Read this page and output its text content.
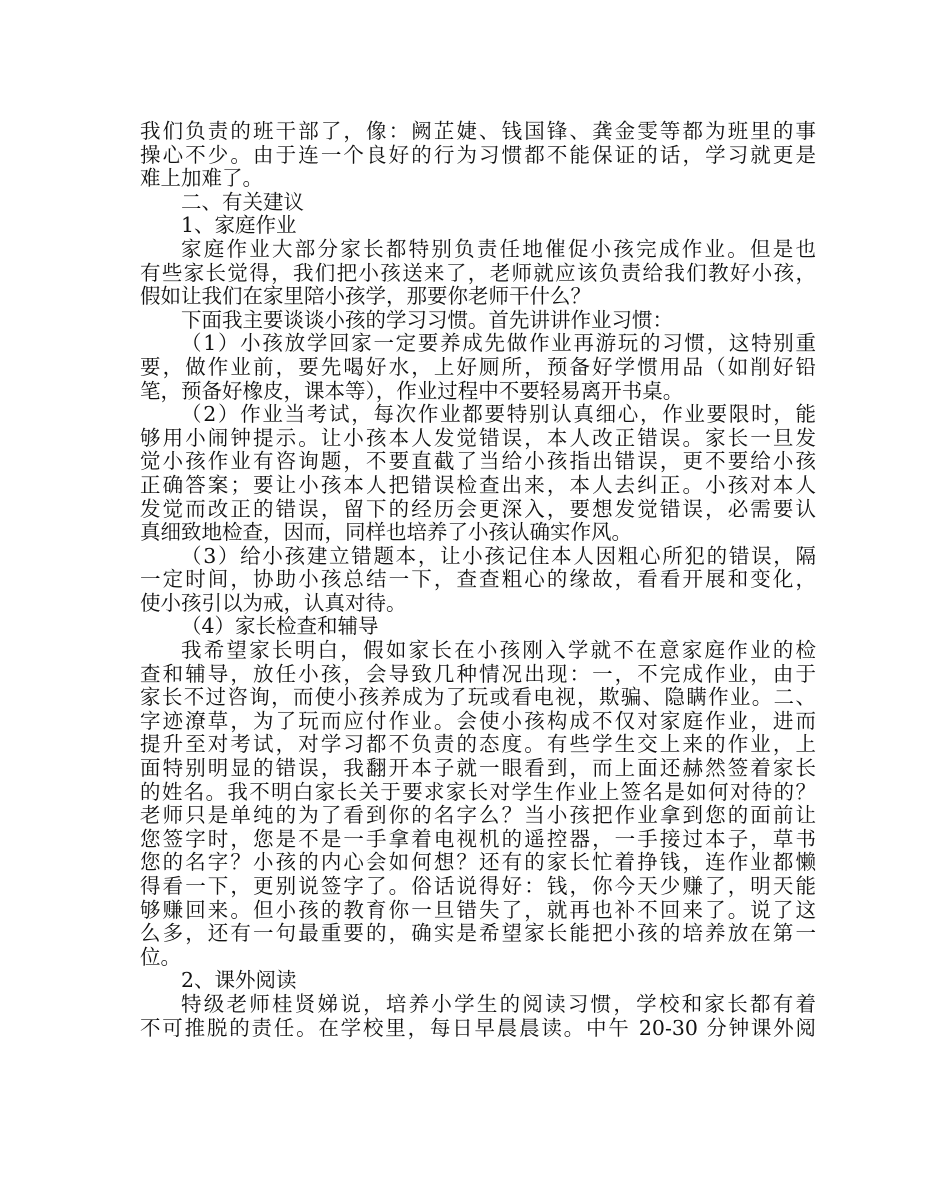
我们负责的班干部了，像：阙芷婕、钱国锋、龚金雯等都为班里的事
操心不少。由于连一个良好的行为习惯都不能保证的话，学习就更是
难上加难了。
二、有关建议
1、家庭作业
家庭作业大部分家长都特别负责任地催促小孩完成作业。但是也
有些家长觉得，我们把小孩送来了，老师就应该负责给我们教好小孩，
假如让我们在家里陪小孩学，那要你老师干什么？
下面我主要谈谈小孩的学习习惯。首先讲讲作业习惯：
（1）小孩放学回家一定要养成先做作业再游玩的习惯，这特别重
要，做作业前，要先喝好水，上好厕所，预备好学惯用品（如削好铅
笔，预备好橡皮，课本等），作业过程中不要轻易离开书桌。
（2）作业当考试，每次作业都要特别认真细心，作业要限时，能
够用小闹钟提示。让小孩本人发觉错误，本人改正错误。家长一旦发
觉小孩作业有咨询题，不要直截了当给小孩指出错误，更不要给小孩
正确答案；要让小孩本人把错误检查出来，本人去纠正。小孩对本人
发觉而改正的错误，留下的经历会更深入，要想发觉错误，必需要认
真细致地检查，因而，同样也培养了小孩认确实作风。
（3）给小孩建立错题本，让小孩记住本人因粗心所犯的错误，隔
一定时间，协助小孩总结一下，查查粗心的缘故，看看开展和变化，
使小孩引以为戒，认真对待。
（4）家长检查和辅导
我希望家长明白，假如家长在小孩刚入学就不在意家庭作业的检
查和辅导，放任小孩，会导致几种情况出现：一，不完成作业，由于
家长不过咨询，而使小孩养成为了玩或看电视，欺骗、隐瞒作业。二、
字迹潦草，为了玩而应付作业。会使小孩构成不仅对家庭作业，进而
提升至对考试，对学习都不负责的态度。有些学生交上来的作业，上
面特别明显的错误，我翻开本子就一眼看到，而上面还赫然签着家长
的姓名。我不明白家长关于要求家长对学生作业上签名是如何对待的？
老师只是单纯的为了看到你的名字么？当小孩把作业拿到您的面前让
您签字时，您是不是一手拿着电视机的遥控器，一手接过本子，草书
您的名字？小孩的内心会如何想？还有的家长忙着挣钱，连作业都懒
得看一下，更别说签字了。俗话说得好：钱，你今天少赚了，明天能
够赚回来。但小孩的教育你一旦错失了，就再也补不回来了。说了这
么多，还有一句最重要的，确实是希望家长能把小孩的培养放在第一
位。
2、课外阅读
特级老师桂贤娣说，培养小学生的阅读习惯，学校和家长都有着
不可推脱的责任。在学校里，每日早晨晨读。中午 20-30 分钟课外阅
